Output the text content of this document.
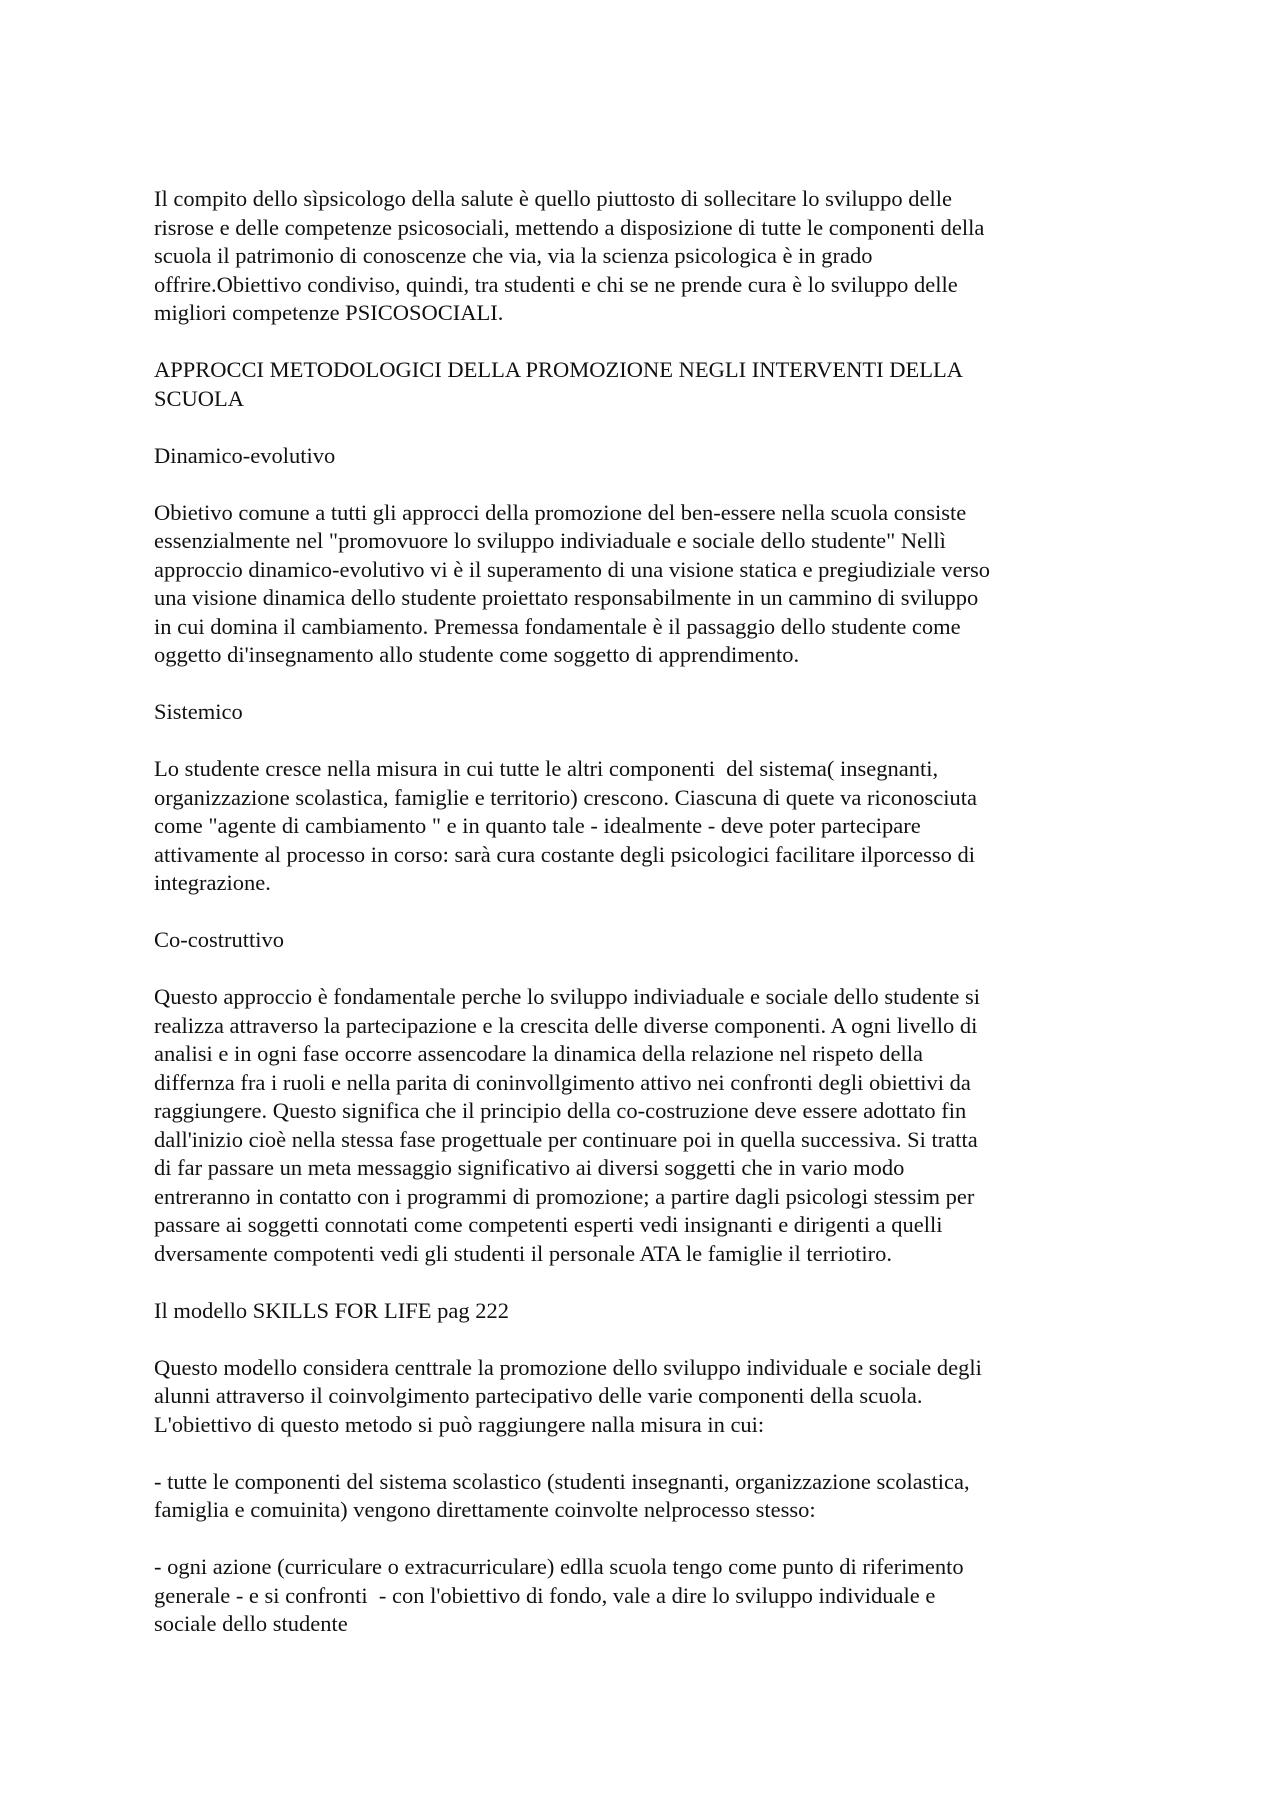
Il compito dello sìpsicologo della salute è quello piuttosto di sollecitare lo sviluppo delle
risrose e delle competenze psicosociali, mettendo a disposizione di tutte le componenti della
scuola il patrimonio di conoscenze che via, via la scienza psicologica è in grado
offrire.Obiettivo condiviso, quindi, tra studenti e chi se ne prende cura è lo sviluppo delle
migliori competenze PSICOSOCIALI.

APPROCCI METODOLOGICI DELLA PROMOZIONE NEGLI INTERVENTI DELLA
SCUOLA

Dinamico-evolutivo

Obietivo comune a tutti gli approcci della promozione del ben-essere nella scuola consiste
essenzialmente nel "promovuore lo sviluppo indiviaduale e sociale dello studente" Nellì
approccio dinamico-evolutivo vi è il superamento di una visione statica e pregiudiziale verso
una visione dinamica dello studente proiettato responsabilmente in un cammino di sviluppo
in cui domina il cambiamento. Premessa fondamentale è il passaggio dello studente come
oggetto di'insegnamento allo studente come soggetto di apprendimento.

Sistemico

Lo studente cresce nella misura in cui tutte le altri componenti  del sistema( insegnanti,
organizzazione scolastica, famiglie e territorio) crescono. Ciascuna di quete va riconosciuta
come "agente di cambiamento " e in quanto tale - idealmente - deve poter partecipare
attivamente al processo in corso: sarà cura costante degli psicologici facilitare ilporcesso di
integrazione.

Co-costruttivo

Questo approccio è fondamentale perche lo sviluppo indiviaduale e sociale dello studente si
realizza attraverso la partecipazione e la crescita delle diverse componenti. A ogni livello di
analisi e in ogni fase occorre assencodare la dinamica della relazione nel rispeto della
differnza fra i ruoli e nella parita di coninvollgimento attivo nei confronti degli obiettivi da
raggiungere. Questo significa che il principio della co-costruzione deve essere adottato fin
dall'inizio cioè nella stessa fase progettuale per continuare poi in quella successiva. Si tratta
di far passare un meta messaggio significativo ai diversi soggetti che in vario modo
entreranno in contatto con i programmi di promozione; a partire dagli psicologi stessim per
passare ai soggetti connotati come competenti esperti vedi insignanti e dirigenti a quelli
dversamente compotenti vedi gli studenti il personale ATA le famiglie il terriotiro.

Il modello SKILLS FOR LIFE pag 222

Questo modello considera centtrale la promozione dello sviluppo individuale e sociale degli
alunni attraverso il coinvolgimento partecipativo delle varie componenti della scuola.
L'obiettivo di questo metodo si può raggiungere nalla misura in cui:

- tutte le componenti del sistema scolastico (studenti insegnanti, organizzazione scolastica,
famiglia e comuinita) vengono direttamente coinvolte nelprocesso stesso:

- ogni azione (curriculare o extracurriculare) edlla scuola tengo come punto di riferimento
generale - e si confronti  - con l'obiettivo di fondo, vale a dire lo sviluppo individuale e
sociale dello studente
